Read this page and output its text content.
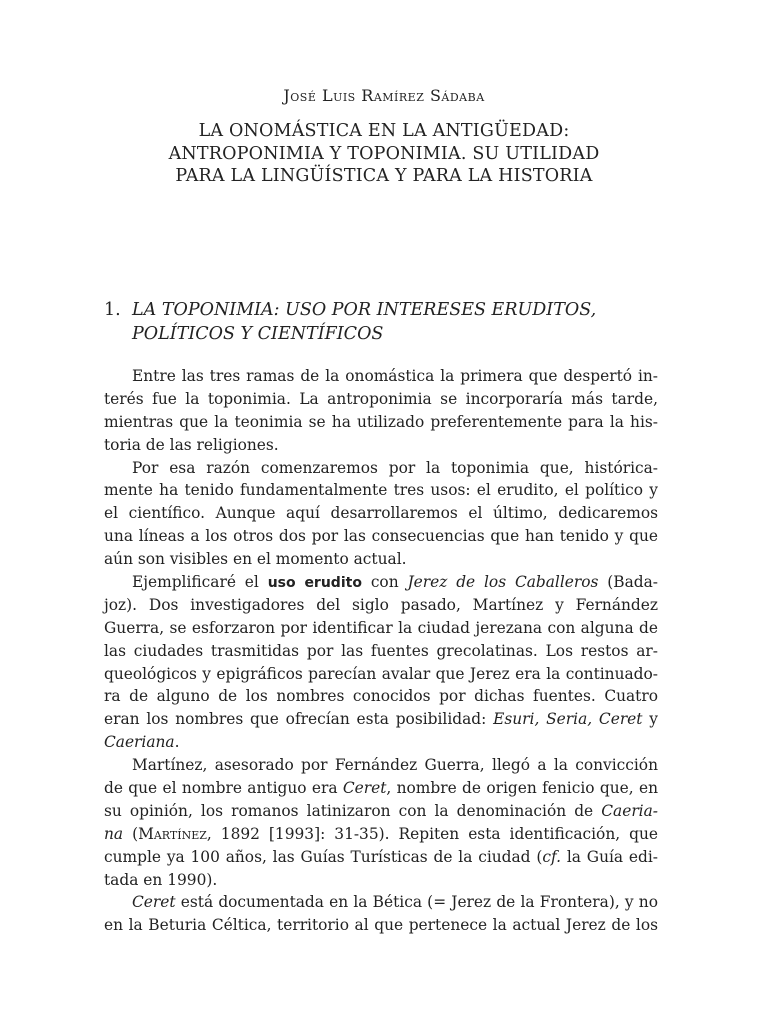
José Luis Ramírez Sádaba
LA ONOMÁSTICA EN LA ANTIGÜEDAD:
ANTROPONIMIA Y TOPONIMIA. SU UTILIDAD
PARA LA LINGÜÍSTICA Y PARA LA HISTORIA
1. LA TOPONIMIA: USO POR INTERESES ERUDITOS,
POLÍTICOS Y CIENTÍFICOS
Entre las tres ramas de la onomástica la primera que despertó in-
terés fue la toponimia. La antroponimia se incorporaría más tarde,
mientras que la teonimia se ha utilizado preferentemente para la his-
toria de las religiones.
Por esa razón comenzaremos por la toponimia que, histórica-
mente ha tenido fundamentalmente tres usos: el erudito, el político y
el científico. Aunque aquí desarrollaremos el último, dedicaremos
una líneas a los otros dos por las consecuencias que han tenido y que
aún son visibles en el momento actual.
Ejemplificaré el uso erudito con Jerez de los Caballeros (Bada-
joz). Dos investigadores del siglo pasado, Martínez y Fernández
Guerra, se esforzaron por identificar la ciudad jerezana con alguna de
las ciudades trasmitidas por las fuentes grecolatinas. Los restos ar-
queológicos y epigráficos parecían avalar que Jerez era la continuado-
ra de alguno de los nombres conocidos por dichas fuentes. Cuatro
eran los nombres que ofrecían esta posibilidad: Esuri, Seria, Ceret y
Caeriana.
Martínez, asesorado por Fernández Guerra, llegó a la convicción
de que el nombre antiguo era Ceret, nombre de origen fenicio que, en
su opinión, los romanos latinizaron con la denominación de Caeria-
na (Martínez, 1892 [1993]: 31-35). Repiten esta identificación, que
cumple ya 100 años, las Guías Turísticas de la ciudad (cf. la Guía edi-
tada en 1990).
Ceret está documentada en la Bética (= Jerez de la Frontera), y no
en la Beturia Céltica, territorio al que pertenece la actual Jerez de los
